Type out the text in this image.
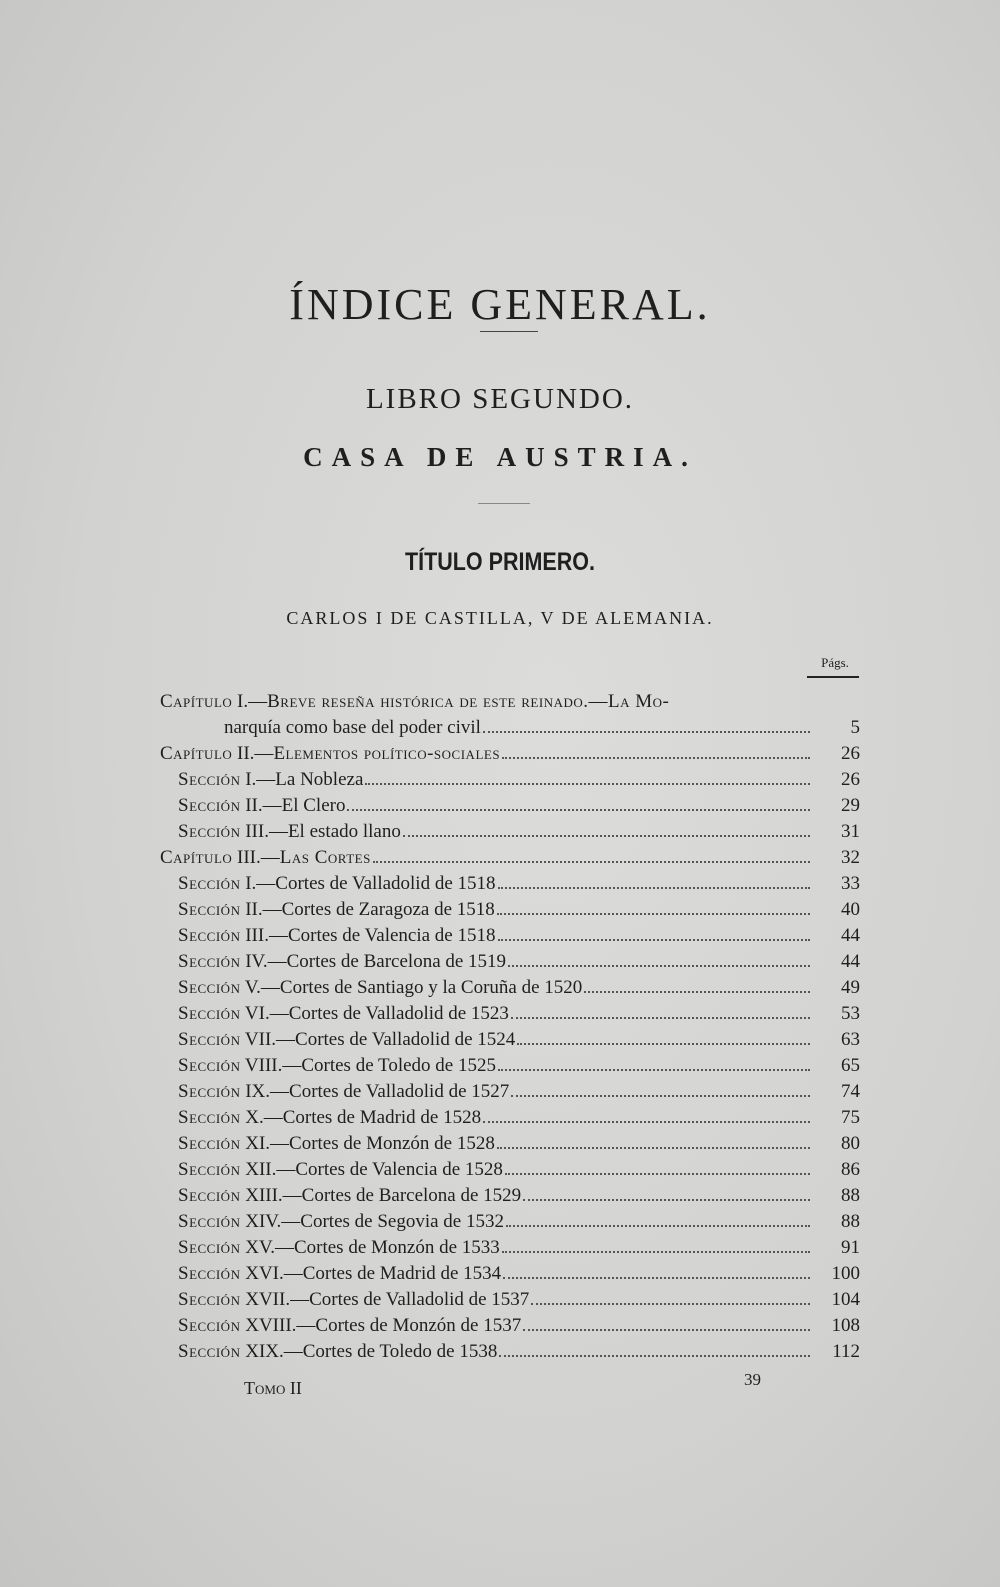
ÍNDICE GENERAL.
LIBRO SEGUNDO.
CASA DE AUSTRIA.
TÍTULO PRIMERO.
CARLOS I DE CASTILLA, V DE ALEMANIA.
Págs.
Capítulo I.—Breve reseña histórica de este reinado.—La Mo-
narquía como base del poder civil	5
Capítulo II.—Elementos político-sociales	26
Sección I.—La Nobleza	26
Sección II.—El Clero	29
Sección III.—El estado llano	31
Capítulo III.—Las Cortes	32
Sección I.—Cortes de Valladolid de 1518	33
Sección II.—Cortes de Zaragoza de 1518	40
Sección III.—Cortes de Valencia de 1518	44
Sección IV.—Cortes de Barcelona de 1519	44
Sección V.—Cortes de Santiago y la Coruña de 1520	49
Sección VI.—Cortes de Valladolid de 1523	53
Sección VII.—Cortes de Valladolid de 1524	63
Sección VIII.—Cortes de Toledo de 1525	65
Sección IX.—Cortes de Valladolid de 1527	74
Sección X.—Cortes de Madrid de 1528	75
Sección XI.—Cortes de Monzón de 1528	80
Sección XII.—Cortes de Valencia de 1528	86
Sección XIII.—Cortes de Barcelona de 1529	88
Sección XIV.—Cortes de Segovia de 1532	88
Sección XV.—Cortes de Monzón de 1533	91
Sección XVI.—Cortes de Madrid de 1534	100
Sección XVII.—Cortes de Valladolid de 1537	104
Sección XVIII.—Cortes de Monzón de 1537	108
Sección XIX.—Cortes de Toledo de 1538	112
Tomo II	39
